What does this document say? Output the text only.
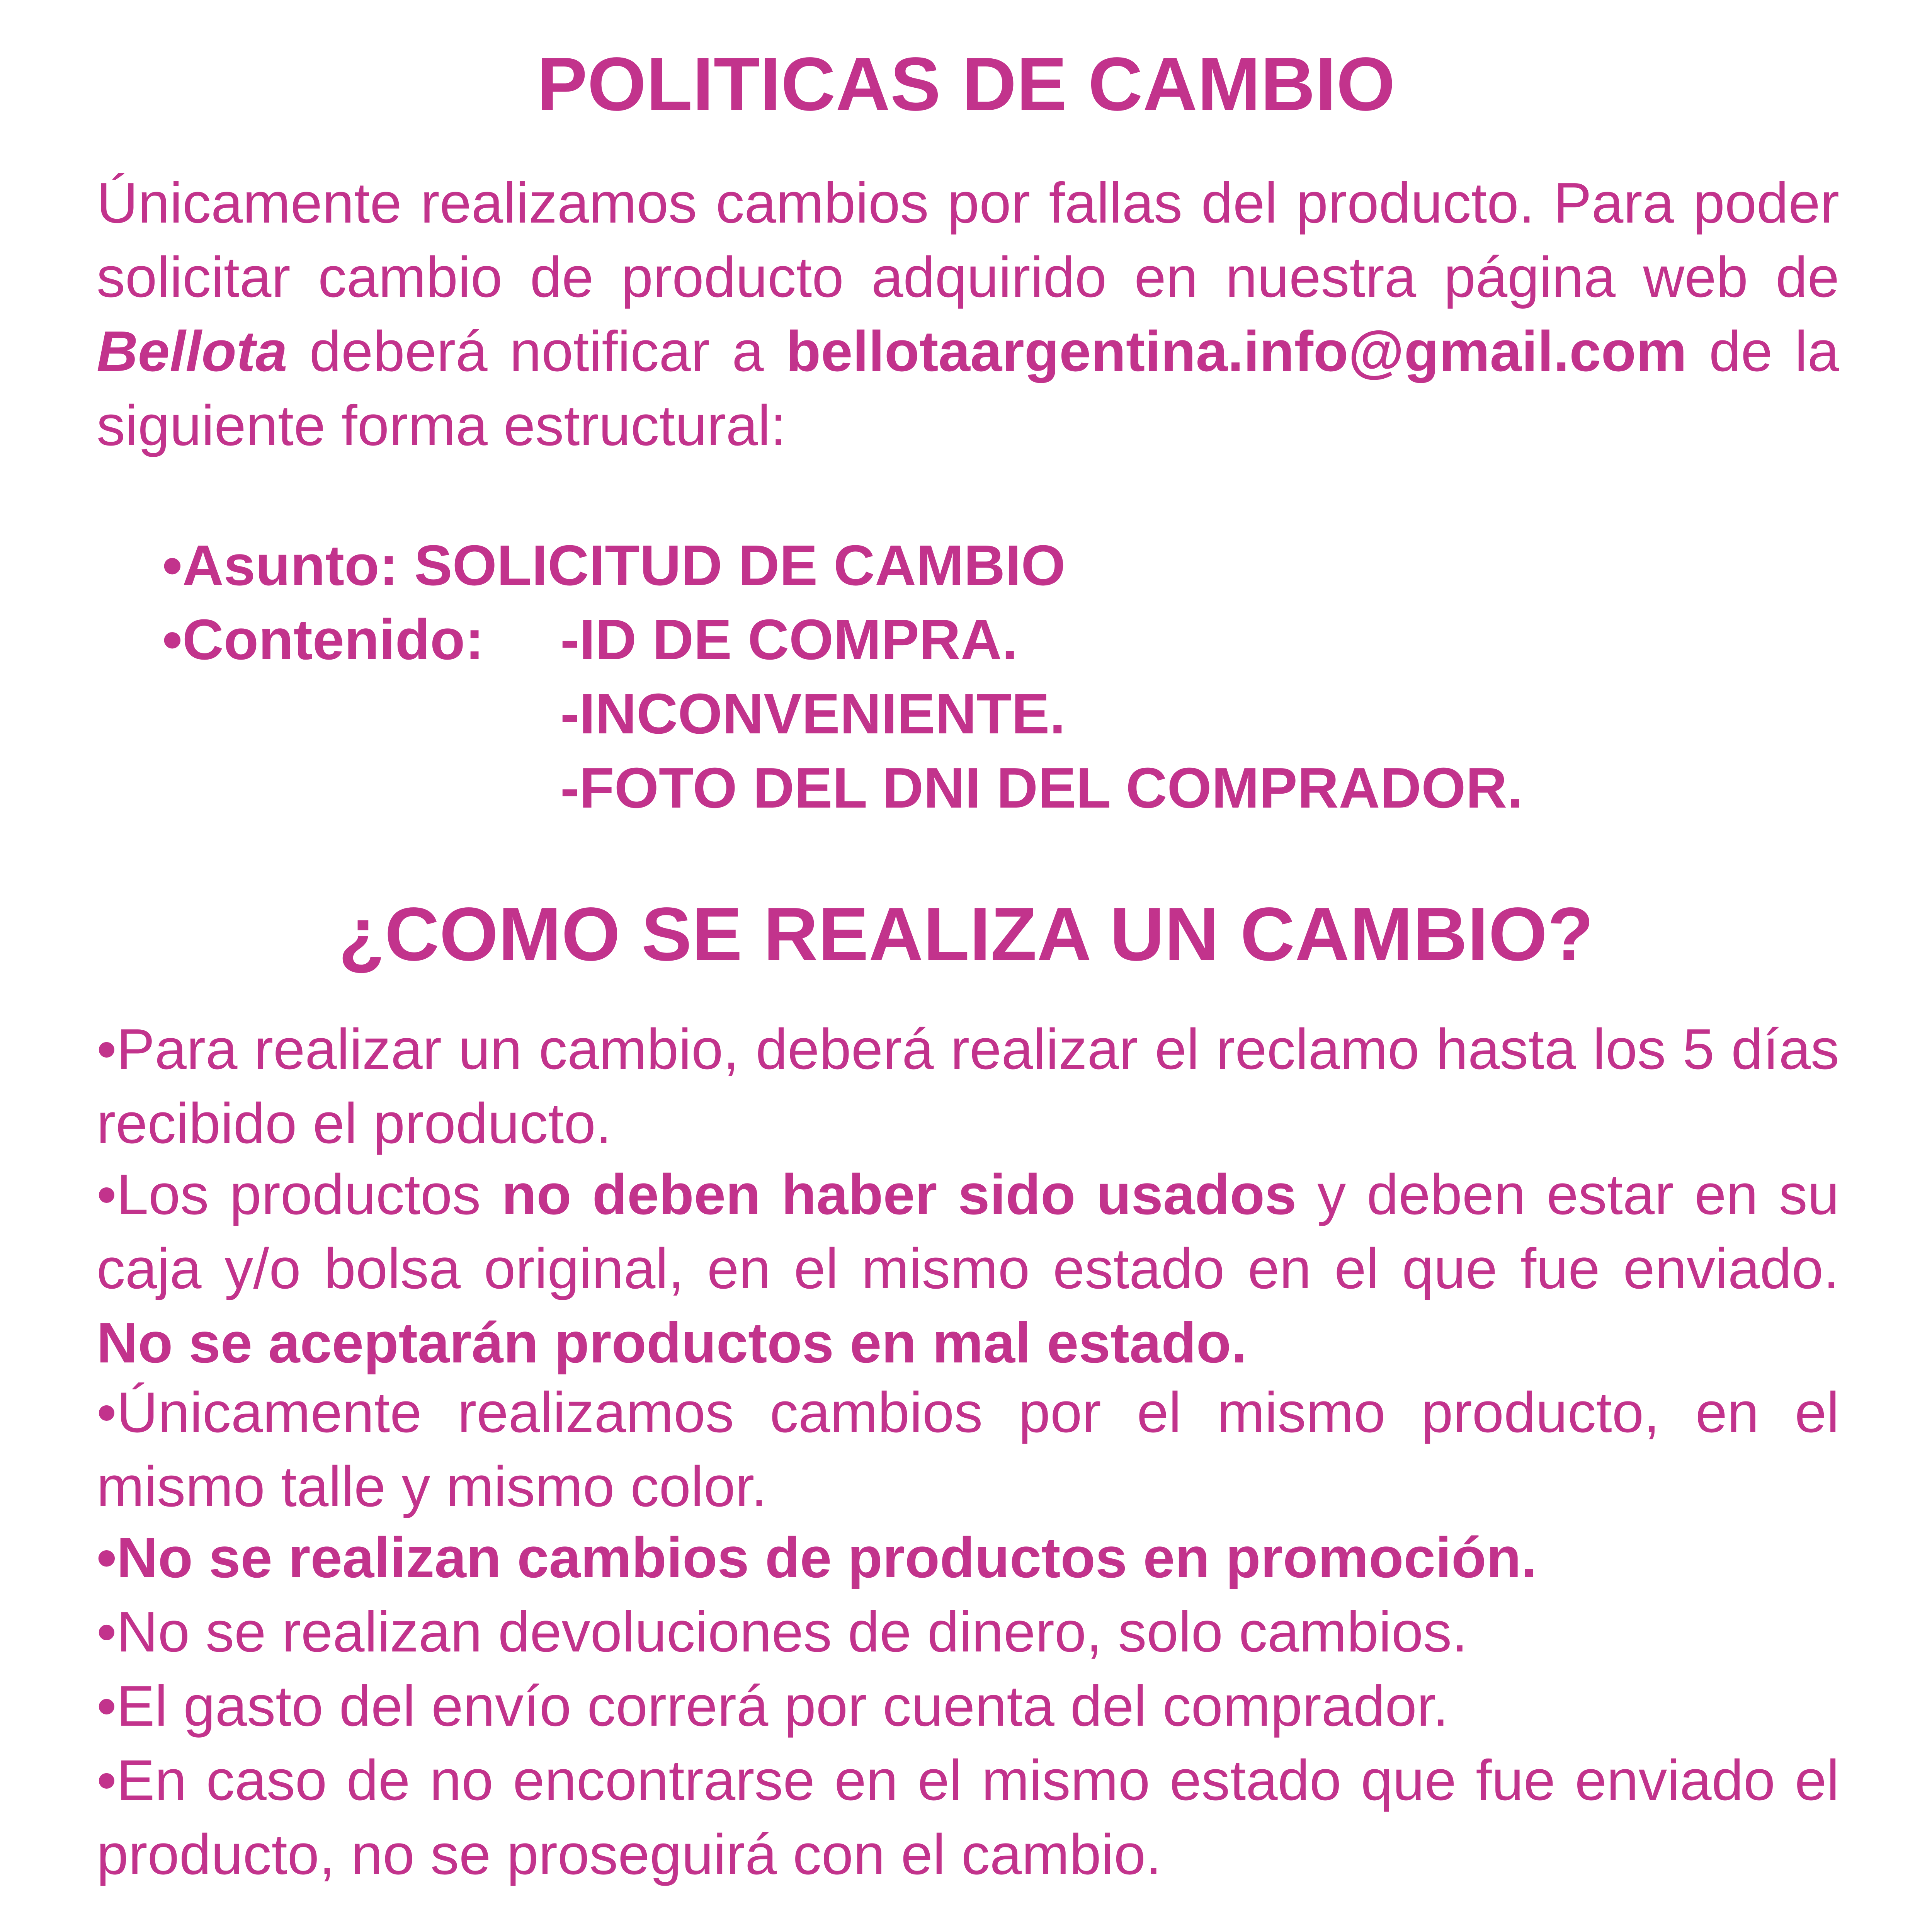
POLITICAS DE CAMBIO

Únicamente realizamos cambios por fallas del producto. Para poder solicitar cambio de producto adquirido en nuestra página web de Bellota deberá notificar a bellotaargentina.info@gmail.com de la siguiente forma estructural:

•Asunto: SOLICITUD DE CAMBIO

•Contenido: -ID DE COMPRA.

-INCONVENIENTE.

-FOTO DEL DNI DEL COMPRADOR.

¿COMO SE REALIZA UN CAMBIO?

•Para realizar un cambio, deberá realizar el reclamo hasta los 5 días recibido el producto.

•Los productos no deben haber sido usados y deben estar en su caja y/o bolsa original, en el mismo estado en el que fue enviado. No se aceptarán productos en mal estado.

•Únicamente realizamos cambios por el mismo producto, en el mismo talle y mismo color.

•No se realizan cambios de productos en promoción.

•No se realizan devoluciones de dinero, solo cambios.

•El gasto del envío correrá por cuenta del comprador.

•En caso de no encontrarse en el mismo estado que fue enviado el producto, no se proseguirá con el cambio.
